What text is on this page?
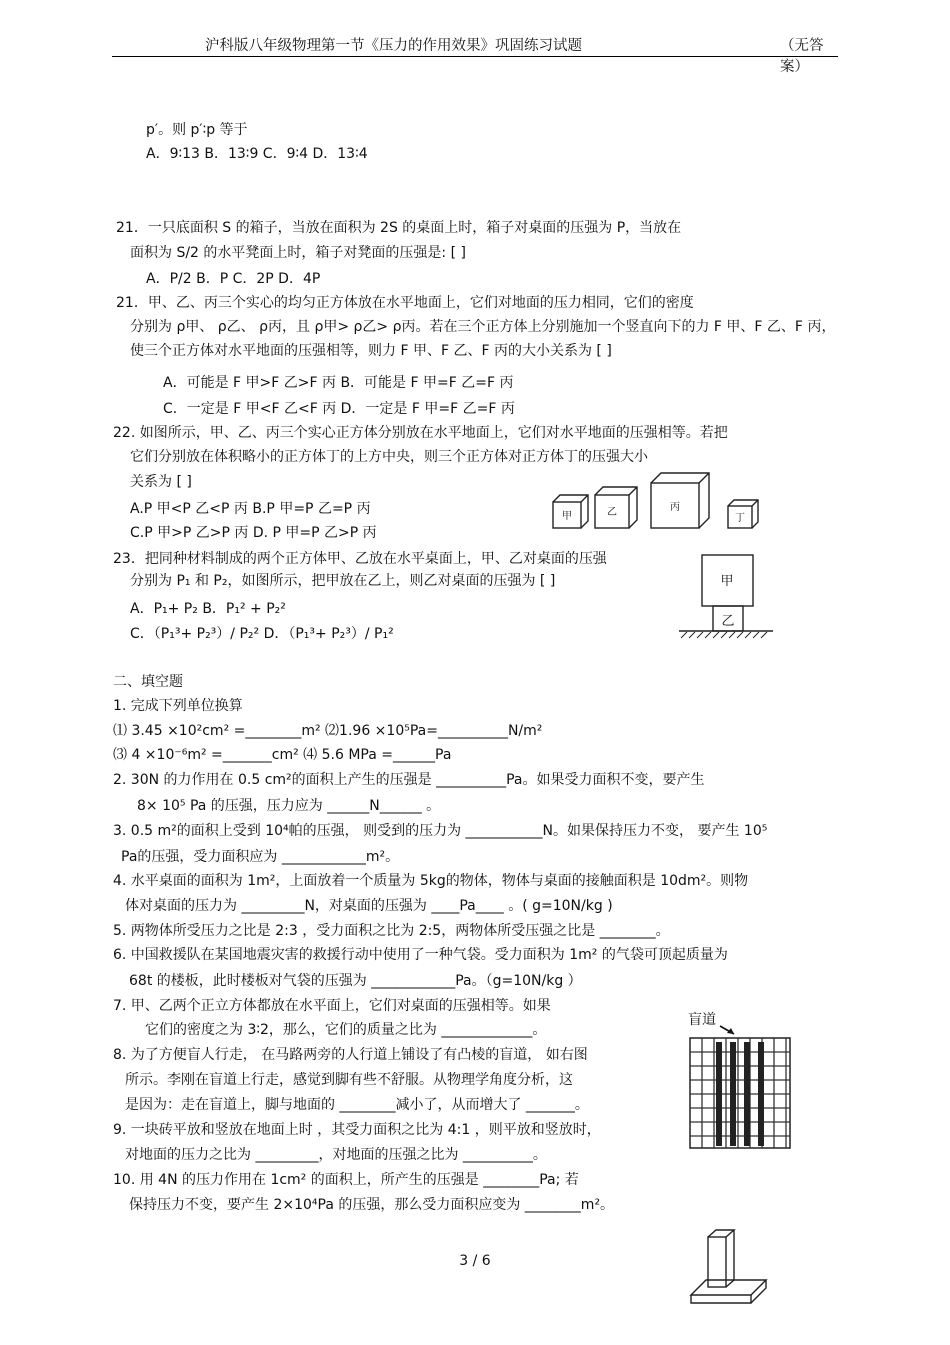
沪科版八年级物理第一节《压力的作用效果》巩固练习试题	（无答案）
p′。则 p′∶p 等于
A．9∶13 B．13∶9 C．9∶4 D．13∶4
21．一只底面积 S 的箱子，当放在面积为 2S 的桌面上时，箱子对桌面的压强为 P，当放在
面积为 S/2 的水平凳面上时，箱子对凳面的压强是: [ ]
A．P/2 B．P C．2P D．4P
21．甲、乙、丙三个实心的均匀正方体放在水平地面上，它们对地面的压力相同，它们的密度
分别为 ρ甲、 ρ乙、 ρ丙，且 ρ甲> ρ乙> ρ丙。若在三个正方体上分别施加一个竖直向下的力 F 甲、F 乙、F 丙，
使三个正方体对水平地面的压强相等，则力 F 甲、F 乙、F 丙的大小关系为 [ ]
A．可能是 F 甲>F 乙>F 丙 B．可能是 F 甲=F 乙=F 丙
C．一定是 F 甲<F 乙<F 丙 D．一定是 F 甲=F 乙=F 丙
22. 如图所示，甲、乙、丙三个实心正方体分别放在水平地面上，它们对水平地面的压强相等。若把
它们分别放在体积略小的正方体丁的上方中央，则三个正方体对正方体丁的压强大小
关系为 [ ]
A.P 甲<P 乙<P 丙 B.P 甲=P 乙=P 丙
C.P 甲>P 乙>P 丙 D. P 甲=P 乙>P 丙
23．把同种材料制成的两个正方体甲、乙放在水平桌面上，甲、乙对桌面的压强
分别为 P₁ 和 P₂，如图所示，把甲放在乙上，则乙对桌面的压强为 [ ]
A．P₁+ P₂ B．P₁² + P₂²
C．（P₁³+ P₂³）/ P₂² D．（P₁³+ P₂³）/ P₁²
二、填空题
1. 完成下列单位换算
⑴ 3.45 ×10²cm² =________m² ⑵1.96 ×10⁵Pa=__________N/m²
⑶ 4 ×10⁻⁶m² =_______cm² ⑷ 5.6 MPa =______Pa
2. 30N 的力作用在 0.5 cm²的面积上产生的压强是 __________Pa。如果受力面积不变，要产生
8× 10⁵ Pa 的压强，压力应为 ______N______ 。
3. 0.5 m²的面积上受到 10⁴帕的压强， 则受到的压力为 ___________N。如果保持压力不变， 要产生 10⁵
Pa的压强，受力面积应为 ____________m²。
4. 水平桌面的面积为 1m²，上面放着一个质量为 5kg的物体，物体与桌面的接触面积是 10dm²。则物
体对桌面的压力为 _________N，对桌面的压强为 ____Pa____ 。( g=10N/kg )
5. 两物体所受压力之比是 2:3 ，受力面积之比为 2:5，两物体所受压强之比是 ________。
6. 中国救援队在某国地震灾害的救援行动中使用了一种气袋。受力面积为 1m² 的气袋可顶起质量为
68t 的楼板，此时楼板对气袋的压强为 ____________Pa。（g=10N/kg ）
7. 甲、乙两个正立方体都放在水平面上，它们对桌面的压强相等。如果
它们的密度之为 3∶2，那么，它们的质量之比为 _____________。
8. 为了方便盲人行走， 在马路两旁的人行道上铺设了有凸棱的盲道， 如右图
所示。李刚在盲道上行走，感觉到脚有些不舒服。从物理学角度分析，这
是因为：走在盲道上，脚与地面的 ________减小了，从而增大了 _______。
9. 一块砖平放和竖放在地面上时 ，其受力面积之比为 4:1 ，则平放和竖放时，
对地面的压力之比为 _________，对地面的压强之比为 __________。
10. 用 4N 的压力作用在 1cm² 的面积上，所产生的压强是 ________Pa; 若
保持压力不变，要产生 2×10⁴Pa 的压强，那么受力面积应变为 ________m²。
甲	乙	丙
丁
甲
乙
盲道
3 / 6
